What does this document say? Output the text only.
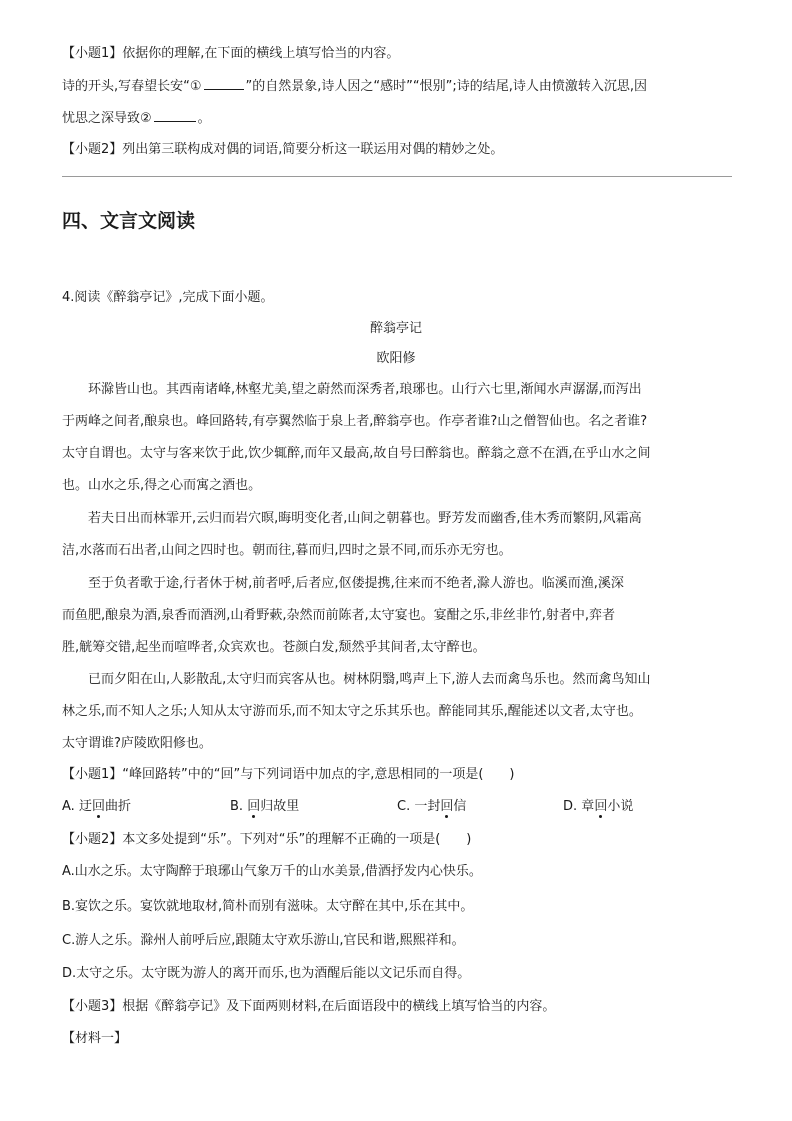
【小题1】依据你的理解,在下面的横线上填写恰当的内容。
诗的开头,写春望长安“①	”的自然景象,诗人因之“感时”“恨别”;诗的结尾,诗人由愤激转入沉思,因
忧思之深导致②	。
【小题2】列出第三联构成对偶的词语,简要分析这一联运用对偶的精妙之处。
四、文言文阅读
4.阅读《醉翁亭记》,完成下面小题。
醉翁亭记
欧阳修
环滁皆山也。其西南诸峰,林壑尤美,望之蔚然而深秀者,琅琊也。山行六七里,渐闻水声潺潺,而泻出
于两峰之间者,酿泉也。峰回路转,有亭翼然临于泉上者,醉翁亭也。作亭者谁?山之僧智仙也。名之者谁?
太守自谓也。太守与客来饮于此,饮少辄醉,而年又最高,故自号曰醉翁也。醉翁之意不在酒,在乎山水之间
也。山水之乐,得之心而寓之酒也。
若夫日出而林霏开,云归而岩穴暝,晦明变化者,山间之朝暮也。野芳发而幽香,佳木秀而繁阴,风霜高
洁,水落而石出者,山间之四时也。朝而往,暮而归,四时之景不同,而乐亦无穷也。
至于负者歌于途,行者休于树,前者呼,后者应,伛偻提携,往来而不绝者,滁人游也。临溪而渔,溪深
而鱼肥,酿泉为酒,泉香而酒洌,山肴野蔌,杂然而前陈者,太守宴也。宴酣之乐,非丝非竹,射者中,弈者
胜,觥筹交错,起坐而喧哗者,众宾欢也。苍颜白发,颓然乎其间者,太守醉也。
已而夕阳在山,人影散乱,太守归而宾客从也。树林阴翳,鸣声上下,游人去而禽鸟乐也。然而禽鸟知山
林之乐,而不知人之乐;人知从太守游而乐,而不知太守之乐其乐也。醉能同其乐,醒能述以文者,太守也。
太守谓谁?庐陵欧阳修也。
【小题1】“峰回路转”中的“回”与下列词语中加点的字,意思相同的一项是(　　)
A. 迂回曲折	B. 回归故里	C. 一封回信	D. 章回小说
【小题2】本文多处提到“乐”。下列对“乐”的理解不正确的一项是(　　)
A.山水之乐。太守陶醉于琅琊山气象万千的山水美景,借酒抒发内心快乐。
B.宴饮之乐。宴饮就地取材,简朴而别有滋味。太守醉在其中,乐在其中。
C.游人之乐。滁州人前呼后应,跟随太守欢乐游山,官民和谐,熙熙祥和。
D.太守之乐。太守既为游人的离开而乐,也为酒醒后能以文记乐而自得。
【小题3】根据《醉翁亭记》及下面两则材料,在后面语段中的横线上填写恰当的内容。
【材料一】
